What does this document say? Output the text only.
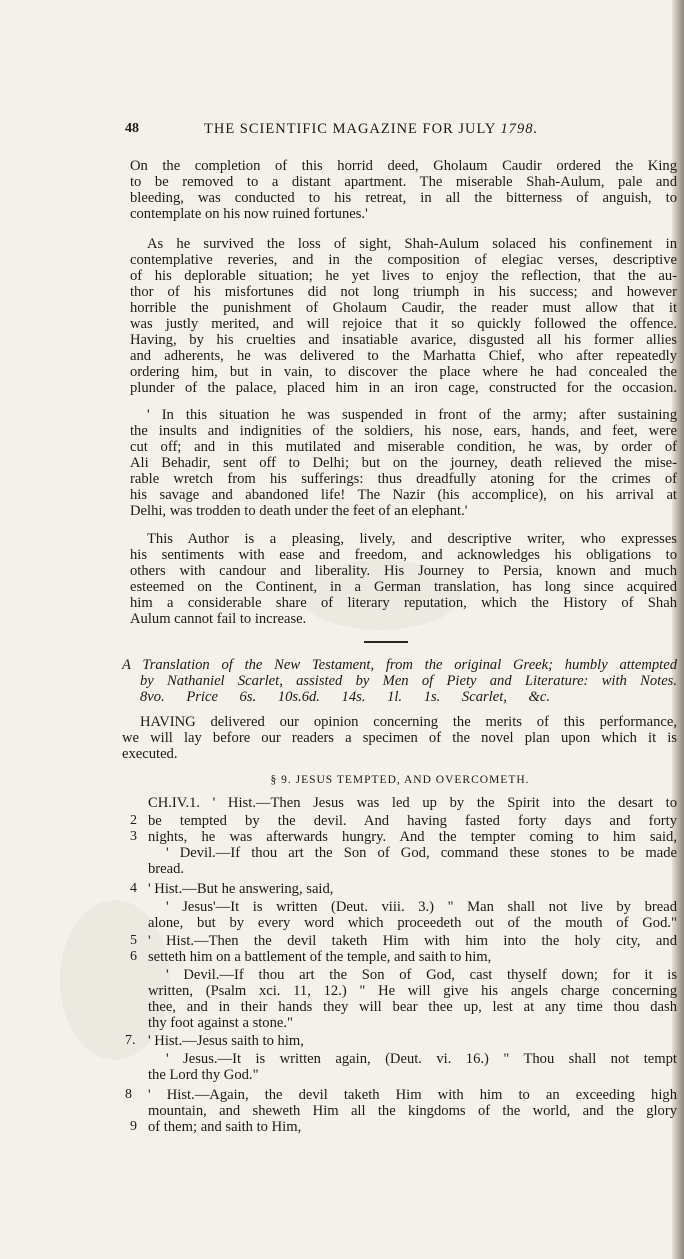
48	THE SCIENTIFIC MAGAZINE FOR JULY 1798.
On the completion of this horrid deed, Gholaum Caudir ordered the King
to be removed to a distant apartment. The miserable Shah-Aulum, pale and
bleeding, was conducted to his retreat, in all the bitterness of anguish, to
contemplate on his now ruined fortunes.'
As he survived the loss of sight, Shah-Aulum solaced his confinement in
contemplative reveries, and in the composition of elegiac verses, descriptive
of his deplorable situation; he yet lives to enjoy the reflection, that the au-
thor of his misfortunes did not long triumph in his success; and however
horrible the punishment of Gholaum Caudir, the reader must allow that it
was justly merited, and will rejoice that it so quickly followed the offence.
Having, by his cruelties and insatiable avarice, disgusted all his former allies
and adherents, he was delivered to the Marhatta Chief, who after repeatedly
ordering him, but in vain, to discover the place where he had concealed the
plunder of the palace, placed him in an iron cage, constructed for the occasion.
' In this situation he was suspended in front of the army; after sustaining
the insults and indignities of the soldiers, his nose, ears, hands, and feet, were
cut off; and in this mutilated and miserable condition, he was, by order of
Ali Behadir, sent off to Delhi; but on the journey, death relieved the mise-
rable wretch from his sufferings: thus dreadfully atoning for the crimes of
his savage and abandoned life! The Nazir (his accomplice), on his arrival at
Delhi, was trodden to death under the feet of an elephant.'
This Author is a pleasing, lively, and descriptive writer, who expresses
his sentiments with ease and freedom, and acknowledges his obligations to
others with candour and liberality. His Journey to Persia, known and much
esteemed on the Continent, in a German translation, has long since acquired
him a considerable share of literary reputation, which the History of Shah
Aulum cannot fail to increase.
A Translation of the New Testament, from the original Greek; humbly attempted
by Nathaniel Scarlet, assisted by Men of Piety and Literature: with Notes.
8vo. Price 6s. 10s.6d. 14s. 1l. 1s. Scarlet, &c.
HAVING delivered our opinion concerning the merits of this performance,
we will lay before our readers a specimen of the novel plan upon which it is
executed.
§ 9. JESUS TEMPTED, AND OVERCOMETH.
CH.IV.1. ' Hist.—Then Jesus was led up by the Spirit into the desart to
be tempted by the devil. And having fasted forty days and forty
nights, he was afterwards hungry. And the tempter coming to him said,
' Devil.—If thou art the Son of God, command these stones to be made
bread.
' Hist.—But he answering, said,
' Jesus'—It is written (Deut. viii. 3.) " Man shall not live by bread
alone, but by every word which proceedeth out of the mouth of God."
' Hist.—Then the devil taketh Him with him into the holy city, and
setteth him on a battlement of the temple, and saith to him,
' Devil.—If thou art the Son of God, cast thyself down; for it is
written, (Psalm xci. 11, 12.) " He will give his angels charge concerning
thee, and in their hands they will bear thee up, lest at any time thou dash
thy foot against a stone."
' Hist.—Jesus saith to him,
' Jesus.—It is written again, (Deut. vi. 16.) " Thou shall not tempt
the Lord thy God."
' Hist.—Again, the devil taketh Him with him to an exceeding high
mountain, and sheweth Him all the kingdoms of the world, and the glory
of them; and saith to Him,
2
3
4
5
6
7.
8
9
